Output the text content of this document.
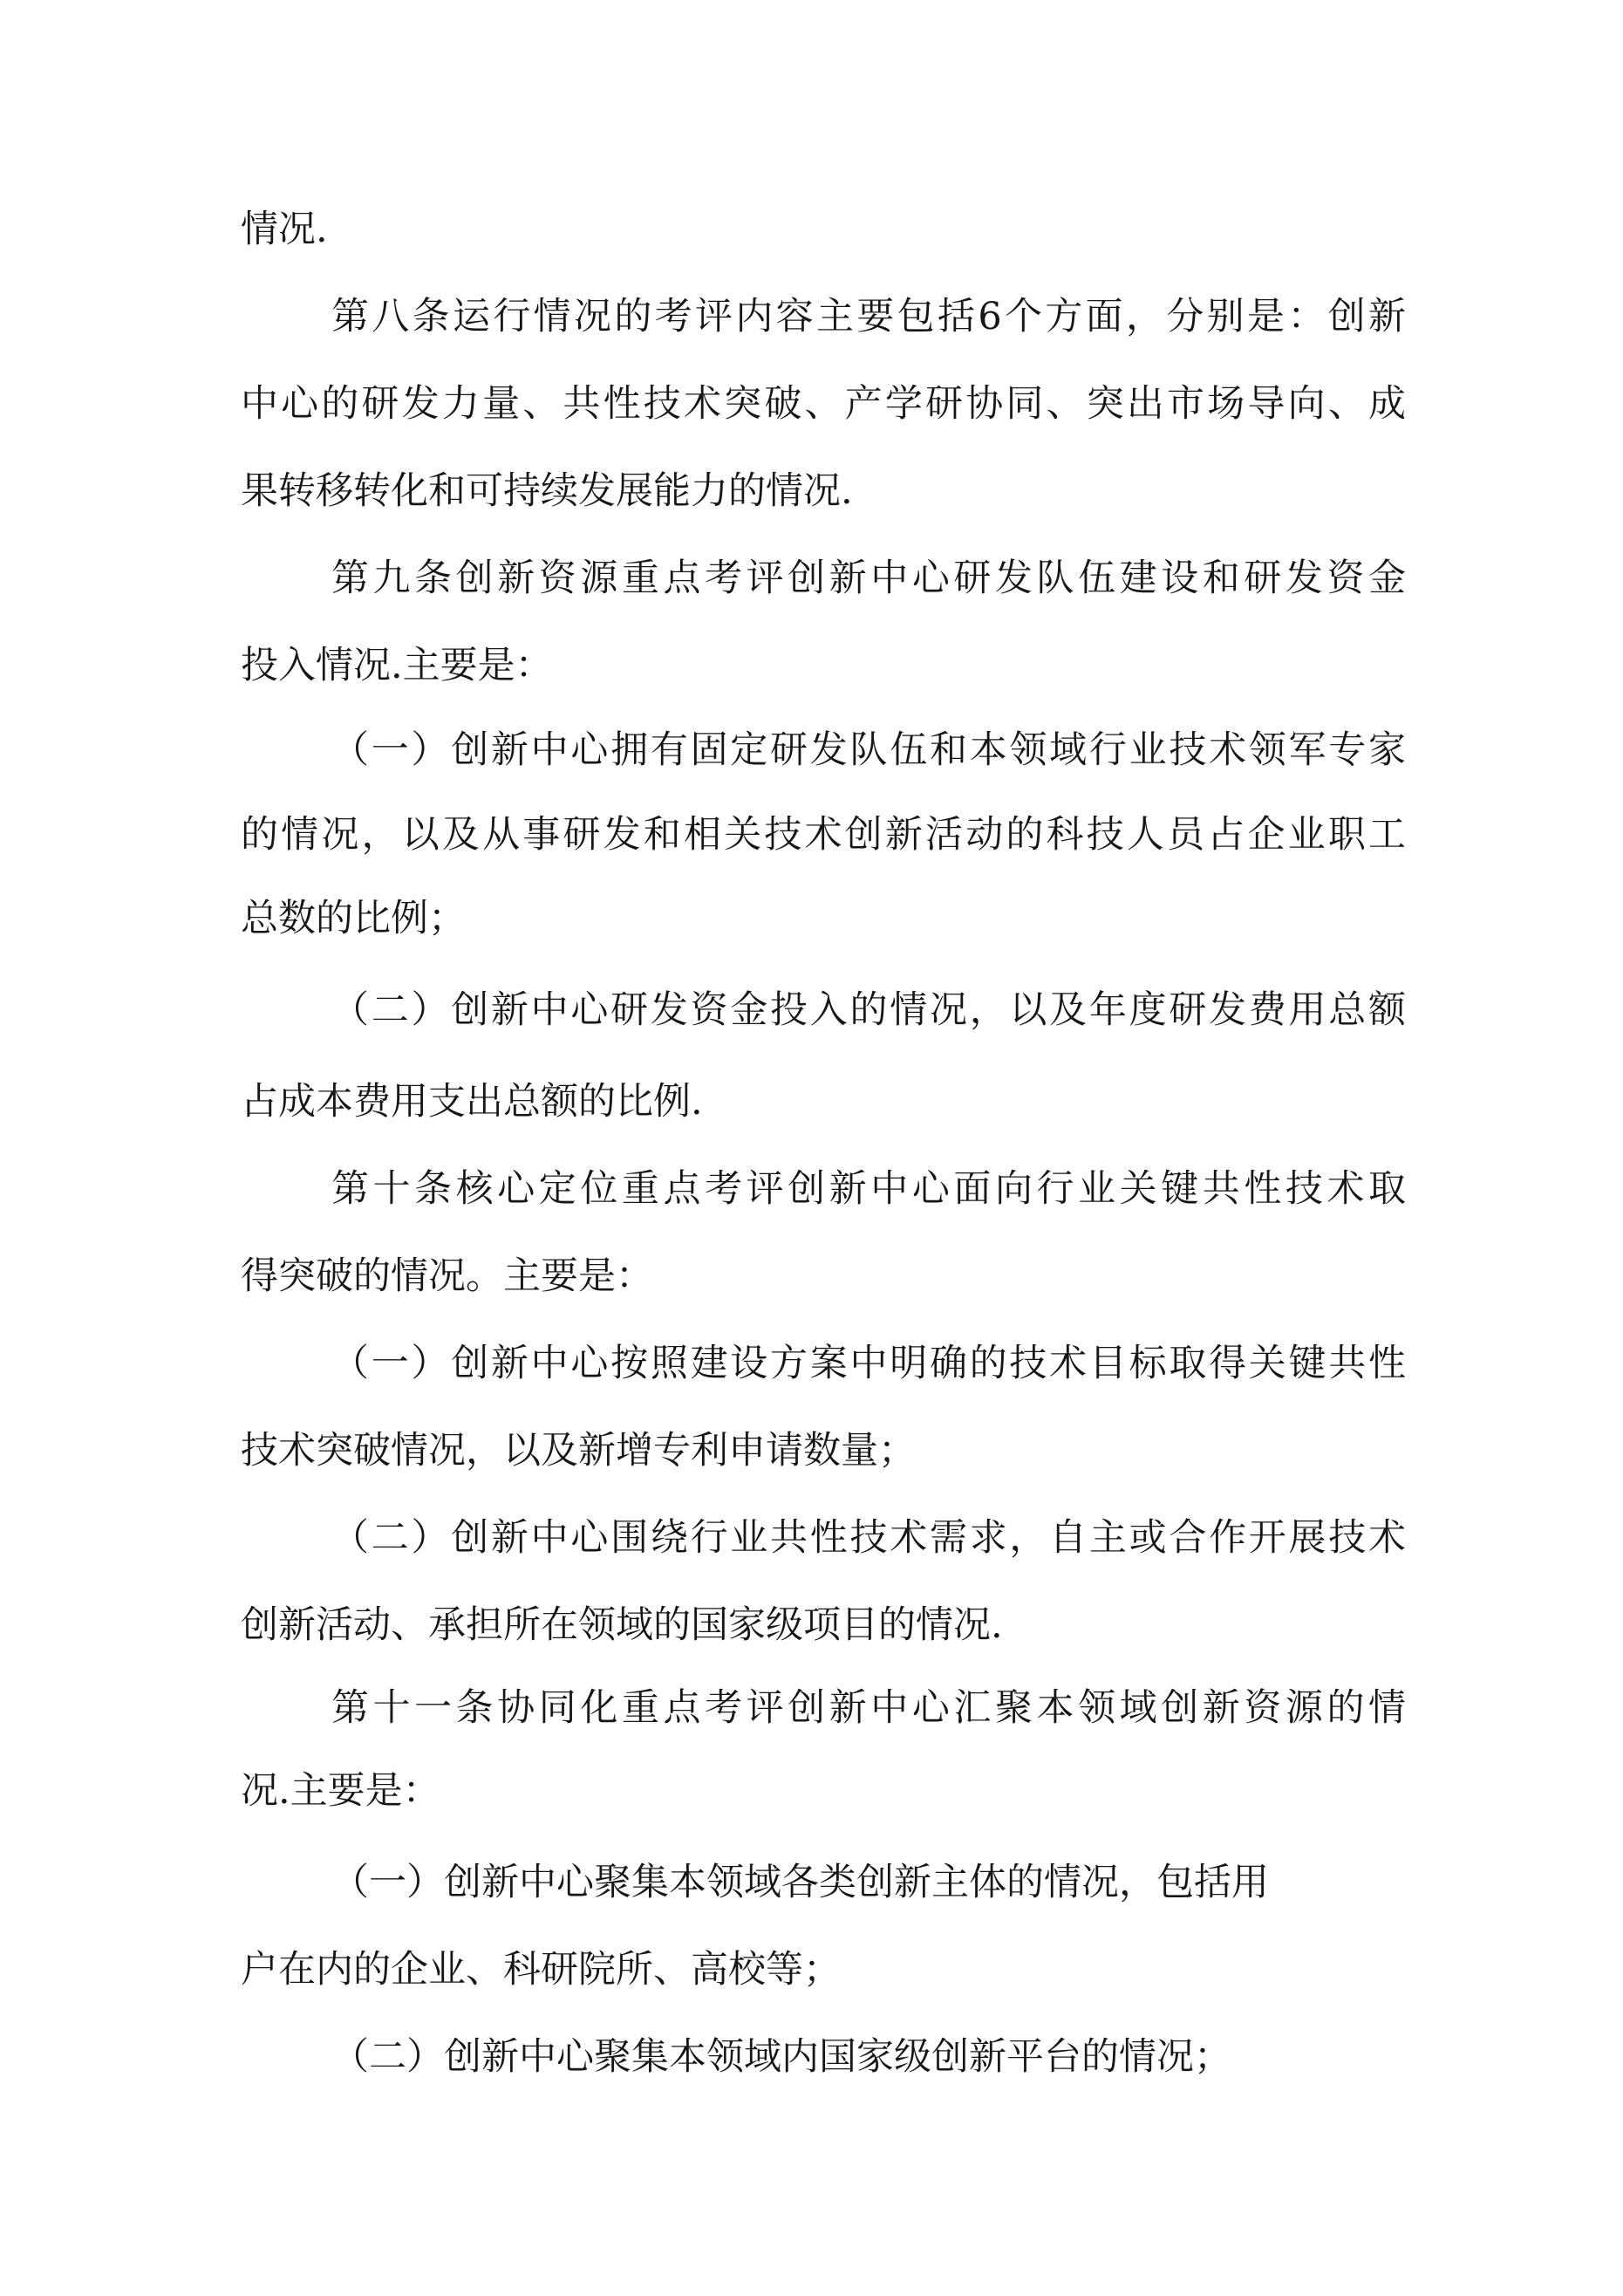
情况.
第八条运行情况的考评内容主要包括6个方面，分别是：创新
中心的研发力量、共性技术突破、产学研协同、突出市场导向、成
果转移转化和可持续发展能力的情况.
第九条创新资源重点考评创新中心研发队伍建设和研发资金
投入情况.主要是：
（一）创新中心拥有固定研发队伍和本领域行业技术领军专家
的情况，以及从事研发和相关技术创新活动的科技人员占企业职工
总数的比例；
（二）创新中心研发资金投入的情况，以及年度研发费用总额
占成本费用支出总额的比例.
第十条核心定位重点考评创新中心面向行业关键共性技术取
得突破的情况。主要是：
（一）创新中心按照建设方案中明确的技术目标取得关键共性
技术突破情况，以及新增专利申请数量；
（二）创新中心围绕行业共性技术需求，自主或合作开展技术
创新活动、承担所在领域的国家级项目的情况.
第十一条协同化重点考评创新中心汇聚本领域创新资源的情
况.主要是：
（一）创新中心聚集本领域各类创新主体的情况，包括用
户在内的企业、科研院所、高校等；
（二）创新中心聚集本领域内国家级创新平台的情况；
